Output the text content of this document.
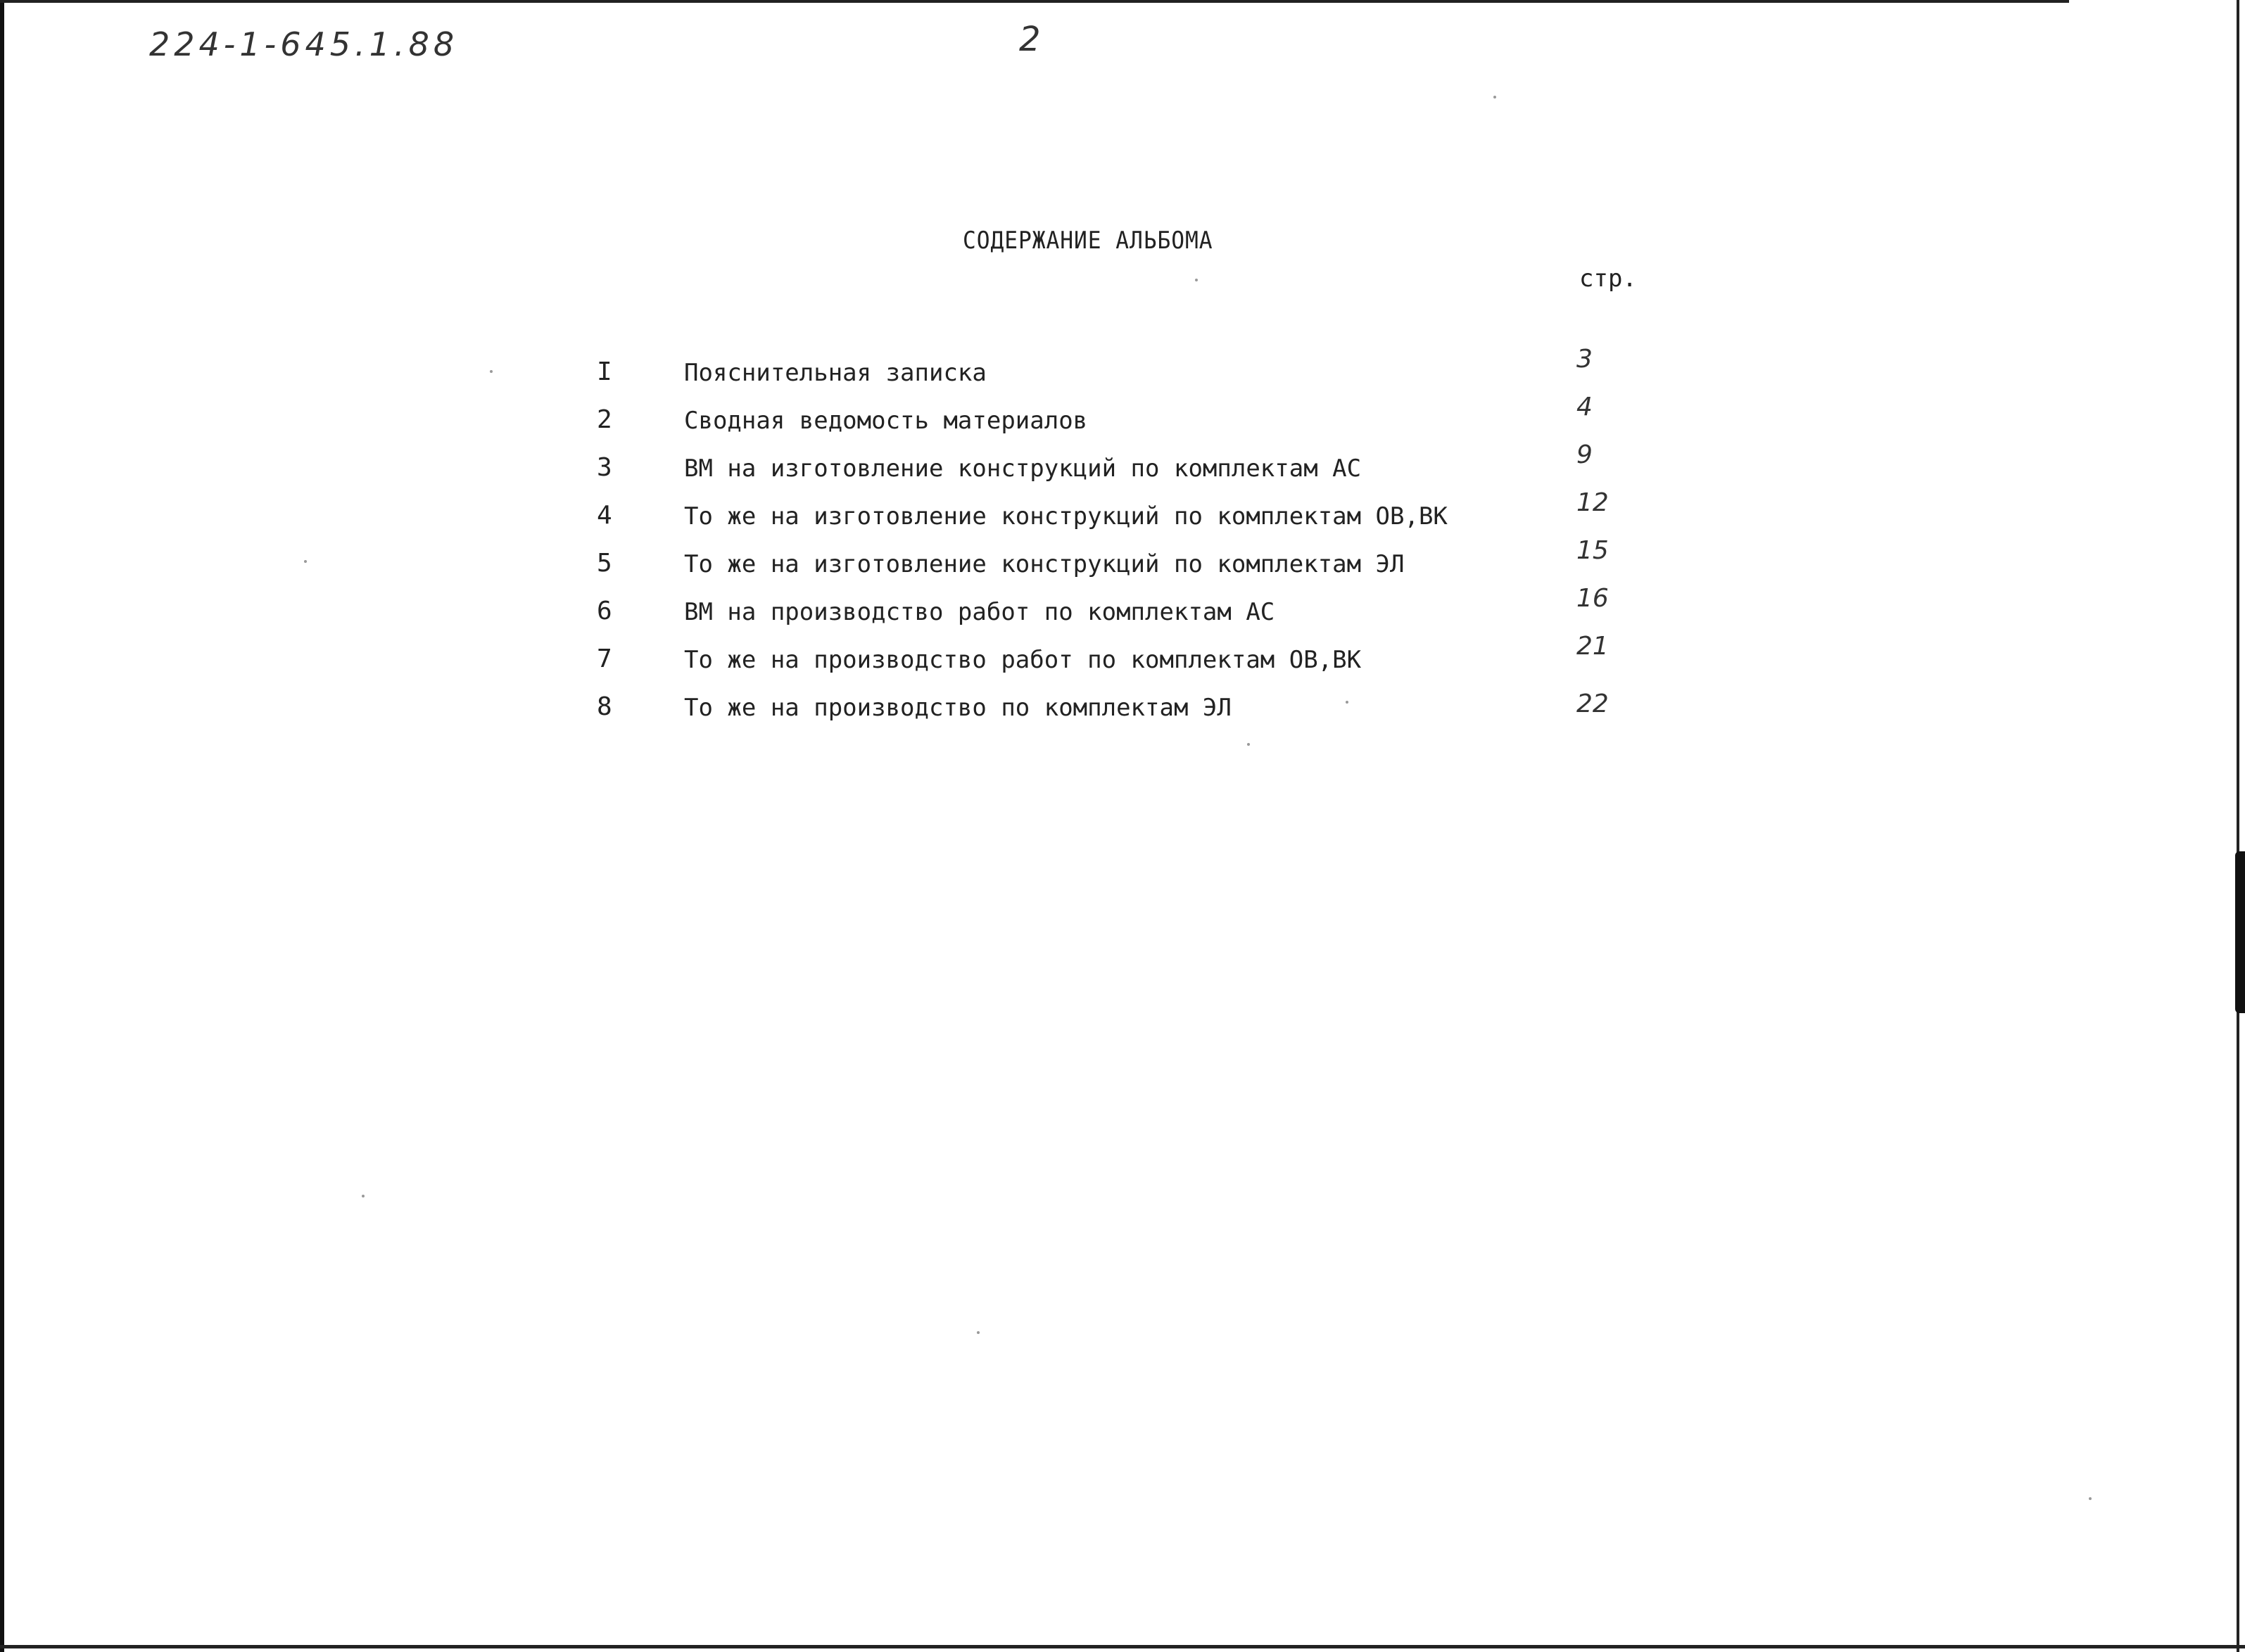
224-1-645.1.88	2
СОДЕРЖАНИЕ АЛЬБОМА
стр.
I	Пояснительная записка	3
2	Сводная ведомость материалов	4
3	ВМ на изготовление конструкций по комплектам АС	9
4	То же на изготовление конструкций по комплектам ОВ,ВК	12
5	То же на изготовление конструкций по комплектам ЭЛ	15
6	ВМ на производство работ по комплектам АС	16
7	То же на производство работ по комплектам ОВ,ВК	21
8	То же на производство по комплектам ЭЛ	22
